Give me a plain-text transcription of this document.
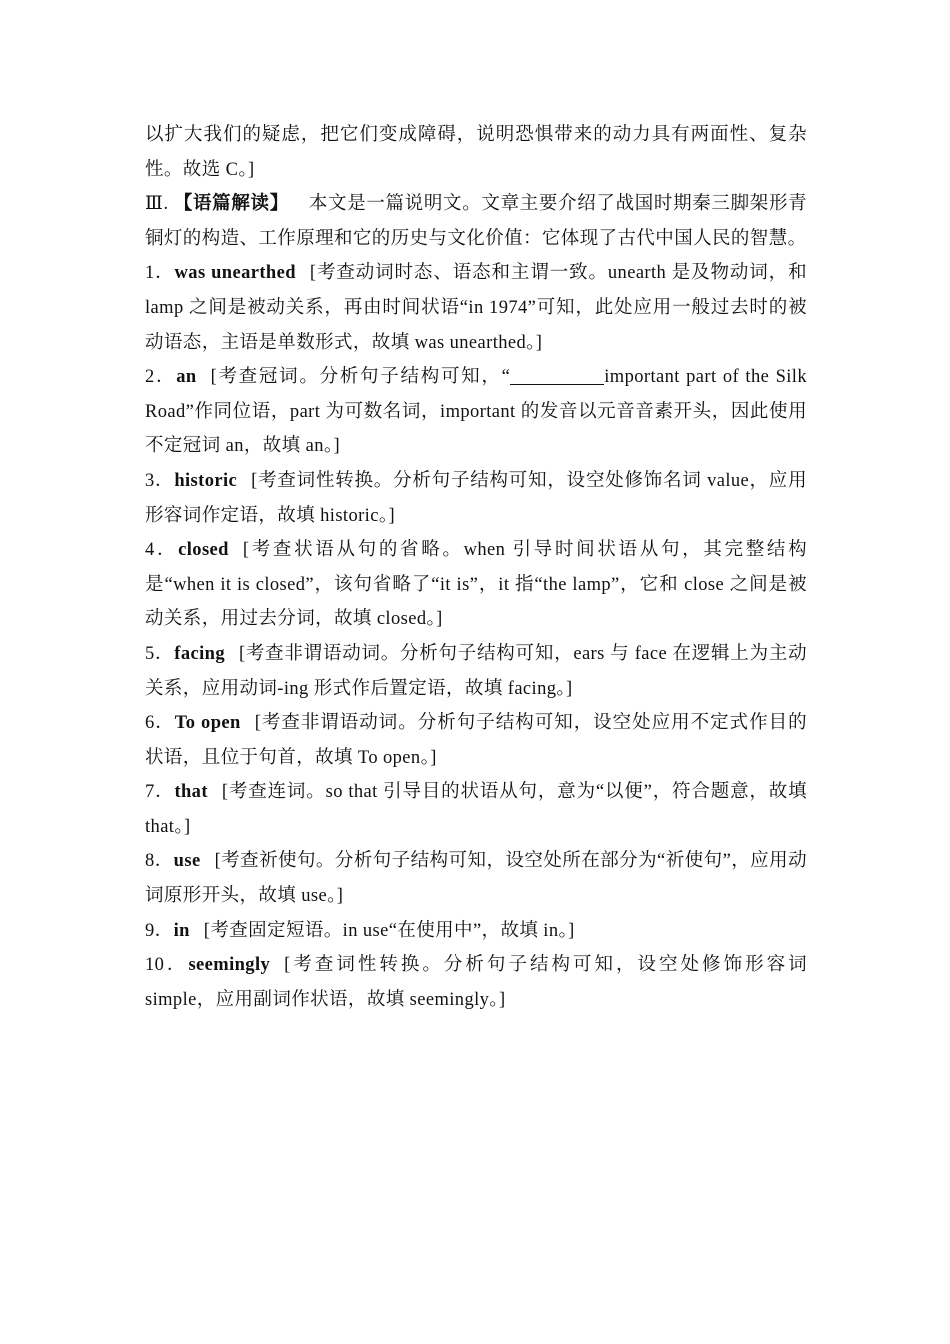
以扩大我们的疑虑，把它们变成障碍，说明恐惧带来的动力具有两面性、复杂性。故选 C。]

Ⅲ. 【语篇解读】 本文是一篇说明文。文章主要介绍了战国时期秦三脚架形青铜灯的构造、工作原理和它的历史与文化价值：它体现了古代中国人民的智慧。

1．was unearthed [考查动词时态、语态和主谓一致。unearth 是及物动词，和 lamp 之间是被动关系，再由时间状语“in 1974”可知，此处应用一般过去时的被动语态，主语是单数形式，故填 was unearthed。]

2．an [考查冠词。分析句子结构可知，“	important part of the Silk Road”作同位语，part 为可数名词，important 的发音以元音音素开头，因此使用不定冠词 an，故填 an。]

3．historic [考查词性转换。分析句子结构可知，设空处修饰名词 value，应用形容词作定语，故填 historic。]

4．closed [考查状语从句的省略。when 引导时间状语从句，其完整结构是“when it is closed”，该句省略了“it is”，it 指“the lamp”，它和 close 之间是被动关系，用过去分词，故填 closed。]

5．facing [考查非谓语动词。分析句子结构可知，ears 与 face 在逻辑上为主动关系，应用动词-ing 形式作后置定语，故填 facing。]

6．To open [考查非谓语动词。分析句子结构可知，设空处应用不定式作目的状语，且位于句首，故填 To open。]

7．that [考查连词。so that 引导目的状语从句，意为“以便”，符合题意，故填 that。]

8．use [考查祈使句。分析句子结构可知，设空处所在部分为“祈使句”，应用动词原形开头，故填 use。]

9．in [考查固定短语。in use“在使用中”，故填 in。]

10．seemingly [考查词性转换。分析句子结构可知，设空处修饰形容词 simple，应用副词作状语，故填 seemingly。]
